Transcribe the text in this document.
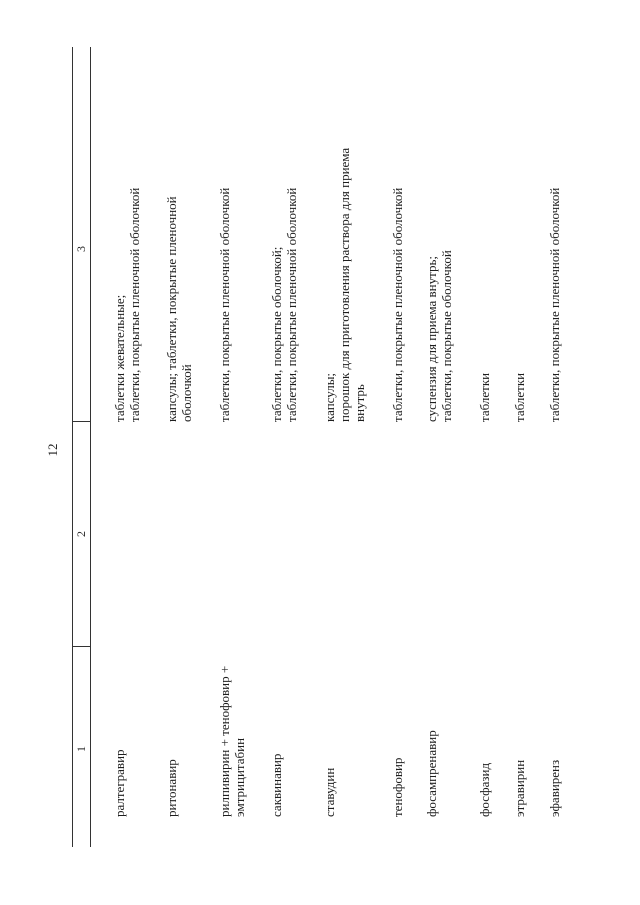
12
1
2
3
ралтегравир
таблетки жевательные; таблетки, покрытые пленочной оболочкой
ритонавир
капсулы; таблетки, покрытые пленочной оболочкой
рилпивирин + тенофовир + эмтрицитабин
таблетки, покрытые пленочной оболочкой
саквинавир
таблетки, покрытые оболочкой; таблетки, покрытые пленочной оболочкой
ставудин
капсулы; порошок для приготовления раствора для приема внутрь
тенофовир
таблетки, покрытые пленочной оболочкой
фосампренавир
суспензия для приема внутрь; таблетки, покрытые оболочкой
фосфазид
таблетки
этравирин
таблетки
эфавиренз
таблетки, покрытые пленочной оболочкой
